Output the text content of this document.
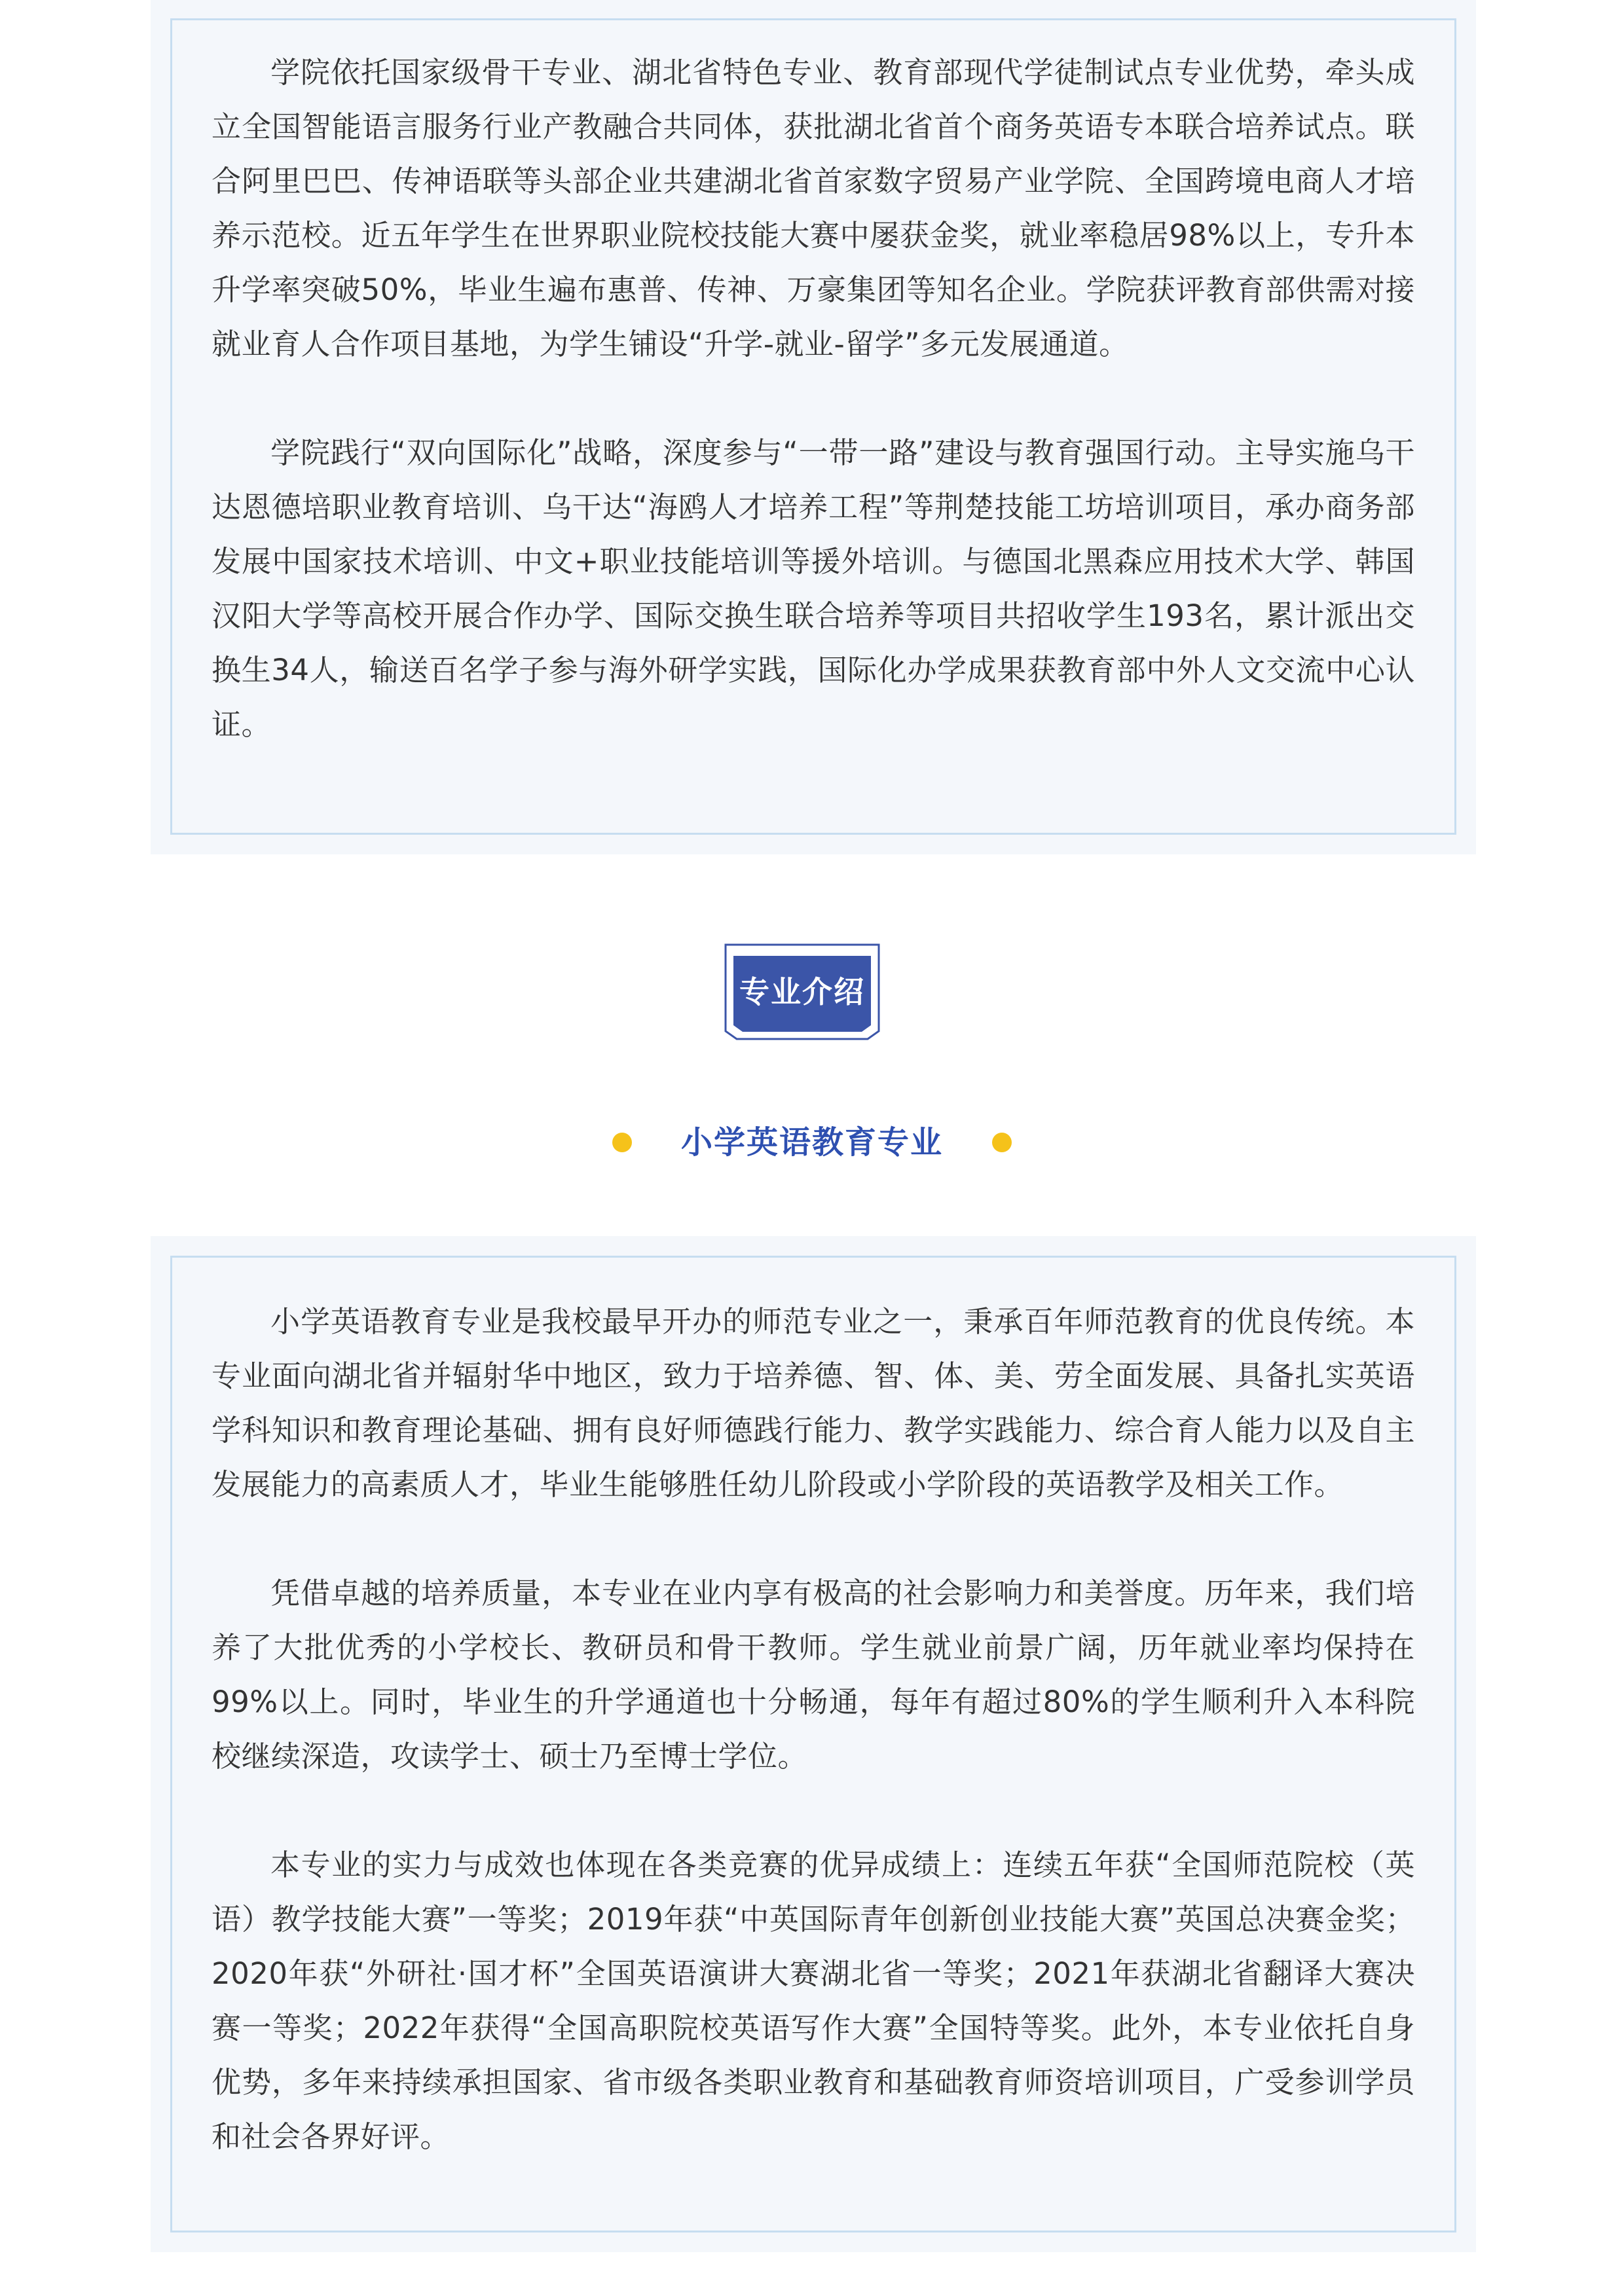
学院依托国家级骨干专业、湖北省特色专业、教育部现代学徒制试点专业优势，牵头成立全国智能语言服务行业产教融合共同体，获批湖北省首个商务英语专本联合培养试点。联合阿里巴巴、传神语联等头部企业共建湖北省首家数字贸易产业学院、全国跨境电商人才培养示范校。近五年学生在世界职业院校技能大赛中屡获金奖，就业率稳居98%以上，专升本升学率突破50%，毕业生遍布惠普、传神、万豪集团等知名企业。学院获评教育部供需对接就业育人合作项目基地，为学生铺设“升学-就业-留学”多元发展通道。

学院践行“双向国际化”战略，深度参与“一带一路”建设与教育强国行动。主导实施乌干达恩德培职业教育培训、乌干达“海鸥人才培养工程”等荆楚技能工坊培训项目，承办商务部发展中国家技术培训、中文+职业技能培训等援外培训。与德国北黑森应用技术大学、韩国汉阳大学等高校开展合作办学、国际交换生联合培养等项目共招收学生193名，累计派出交换生34人，输送百名学子参与海外研学实践，国际化办学成果获教育部中外人文交流中心认证。

专业介绍
小学英语教育专业

小学英语教育专业是我校最早开办的师范专业之一，秉承百年师范教育的优良传统。本专业面向湖北省并辐射华中地区，致力于培养德、智、体、美、劳全面发展、具备扎实英语学科知识和教育理论基础、拥有良好师德践行能力、教学实践能力、综合育人能力以及自主发展能力的高素质人才，毕业生能够胜任幼儿阶段或小学阶段的英语教学及相关工作。

凭借卓越的培养质量，本专业在业内享有极高的社会影响力和美誉度。历年来，我们培养了大批优秀的小学校长、教研员和骨干教师。学生就业前景广阔，历年就业率均保持在99%以上。同时，毕业生的升学通道也十分畅通，每年有超过80%的学生顺利升入本科院校继续深造，攻读学士、硕士乃至博士学位。

本专业的实力与成效也体现在各类竞赛的优异成绩上：连续五年获“全国师范院校（英语）教学技能大赛”一等奖；2019年获“中英国际青年创新创业技能大赛”英国总决赛金奖；2020年获“外研社·国才杯”全国英语演讲大赛湖北省一等奖；2021年获湖北省翻译大赛决赛一等奖；2022年获得“全国高职院校英语写作大赛”全国特等奖。此外，本专业依托自身优势，多年来持续承担国家、省市级各类职业教育和基础教育师资培训项目，广受参训学员和社会各界好评。
